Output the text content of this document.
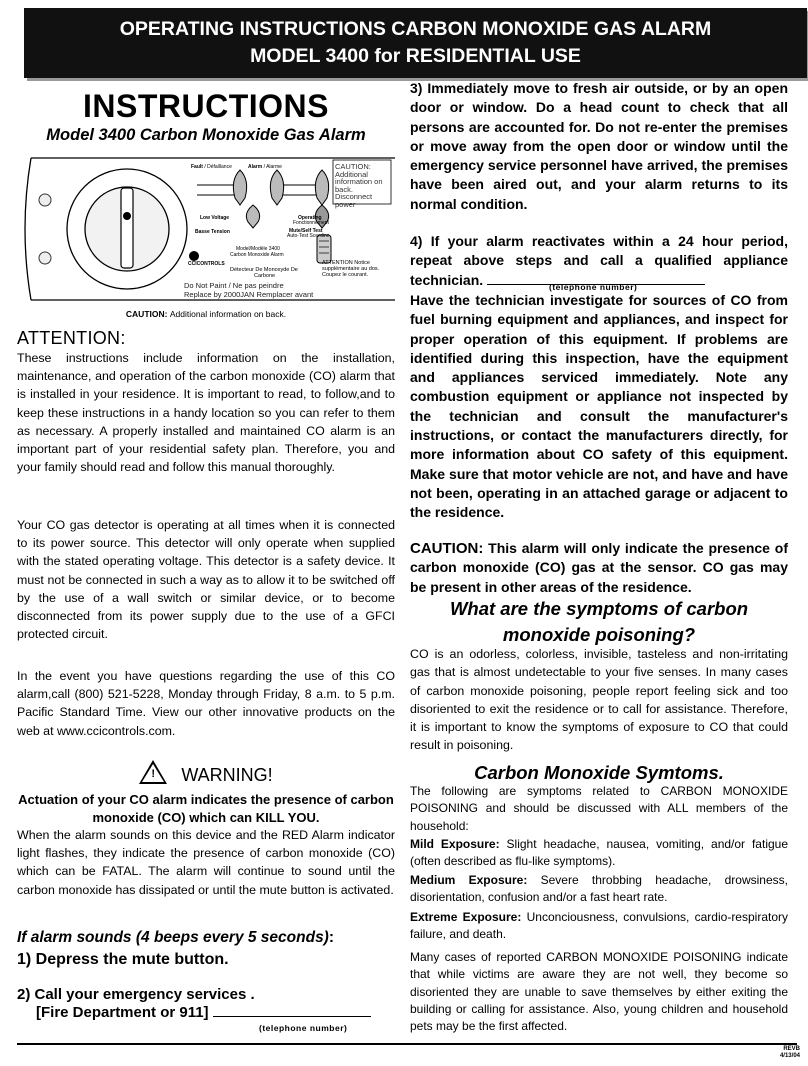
OPERATING INSTRUCTIONS CARBON MONOXIDE GAS ALARM
MODEL 3400 for RESIDENTIAL USE
INSTRUCTIONS
Model 3400 Carbon Monoxide Gas Alarm
Fault / Défaillance	Alarm / Alarme	CAUTION: Additional information on back. Disconnect power
Low Voltage
Basse Tension
Operating
Fonctionnement
Mute/Self Test
Auto-Test Sourdine
Model/Modèle 3400
Carbon Monoxide Alarm
CCICONTROLS
Détecteur De Monoxyde De
Carbone
ATTENTION Notice supplémentaire au dos. Coupez le courant.
Do Not Paint / Ne pas peindre
Replace by 2000JAN Remplacer avant
CAUTION: Additional information on back.
ATTENTION:
These instructions include information on the installation, maintenance, and operation of the carbon monoxide (CO) alarm that is installed in your residence. It is important to read, to follow,and to keep these instructions in a handy location so you can refer to them as necessary. A properly installed and maintained CO alarm is an important part of your residential safety plan. Therefore, you and your family should read and follow this manual thoroughly.
Your CO gas detector is operating at all times when it is connected to its power source. This detector will only operate when supplied with the stated operating voltage. This detector is a safety device. It must not be connected in such a way as to allow it to be switched off by the use of a wall switch or similar device, or to become disconnected from its power supply due to the use of a GFCI protected circuit.
In the event you have questions regarding the use of this CO alarm,call (800) 521-5228, Monday through Friday, 8 a.m. to 5 p.m. Pacific Standard Time. View our other innovative products on the web at www.ccicontrols.com.
! WARNING!
Actuation of your CO alarm indicates the presence of carbon monoxide (CO) which can KILL YOU.
When the alarm sounds on this device and the RED Alarm indicator light flashes, they indicate the presence of carbon monoxide (CO) which can be FATAL. The alarm will continue to sound until the carbon monoxide has dissipated or until the mute button is activated.
If alarm sounds (4 beeps every 5 seconds):
1) Depress the mute button.
2) Call your emergency services .
[Fire Department or 911]
(telephone number)
3) Immediately move to fresh air outside, or by an open door or window. Do a head count to check that all persons are accounted for. Do not re-enter the premises or move away from the open door or window until the emergency service personnel have arrived, the premises have been aired out, and your alarm returns to its normal condition.
4) If your alarm reactivates within a 24 hour period, repeat above steps and call a qualified appliance technician.	(telephone number)
Have the technician investigate for sources of CO from fuel burning equipment and appliances, and inspect for proper operation of this equipment. If problems are identified during this inspection, have the equipment and appliances serviced immediately. Note any combustion equipment or appliance not inspected by the technician and consult the manufacturer's instructions, or contact the manufacturers directly, for more information about CO safety of this equipment. Make sure that motor vehicle are not, and have and have not been, operating in an attached garage or adjacent to the residence.
CAUTION: This alarm will only indicate the presence of carbon monoxide (CO) gas at the sensor. CO gas may be present in other areas of the residence.
What are the symptoms of carbon monoxide poisoning?
CO is an odorless, colorless, invisible, tasteless and non-irritating gas that is almost undetectable to your five senses. In many cases of carbon monoxide poisoning, people report feeling sick and too disoriented to exit the residence or to call for assistance. Therefore, it is important to know the symptoms of exposure to CO that could result in poisoning.
Carbon Monoxide Symtoms.
The following are symptoms related to CARBON MONOXIDE POISONING and should be discussed with ALL members of the household:
Mild Exposure: Slight headache, nausea, vomiting, and/or fatigue (often described as flu-like symptoms).
Medium Exposure: Severe throbbing headache, drowsiness, disorientation, confusion and/or a fast heart rate.
Extreme Exposure: Unconciousness, convulsions, cardio-respiratory failure, and death.
Many cases of reported CARBON MONOXIDE POISONING indicate that while victims are aware they are not well, they become so disoriented they are unable to save themselves by either exiting the building or calling for assistance. Also, young children and household pets may be the first affected.
REVB
4/13/04
